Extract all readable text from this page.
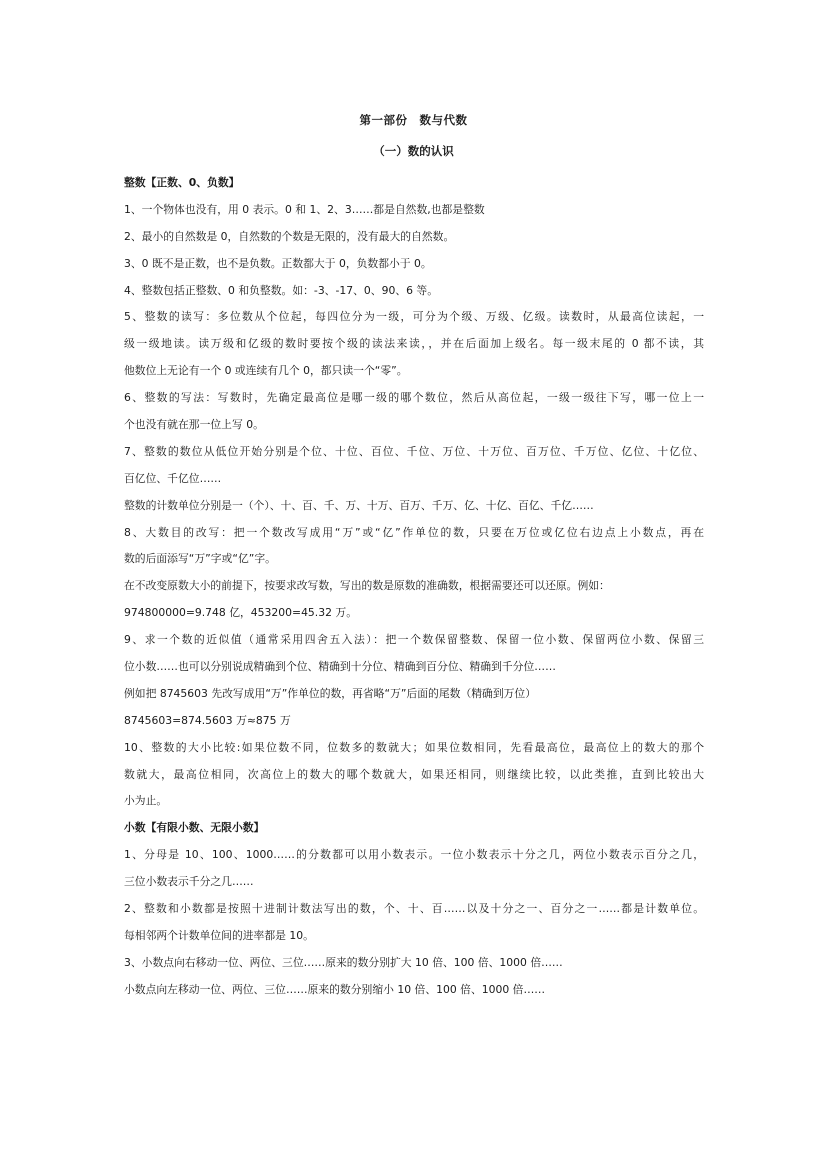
第一部份　数与代数
（一）数的认识
整数【正数、0、负数】
1、一个物体也没有，用 0 表示。0 和 1、2、3……都是自然数,也都是整数
2、最小的自然数是 0，自然数的个数是无限的，没有最大的自然数。
3、0 既不是正数，也不是负数。正数都大于 0，负数都小于 0。
4、整数包括正整数、0 和负整数。如：-3、-17、0、90、6 等。
5、整数的读写：多位数从个位起，每四位分为一级，可分为个级、万级、亿级。读数时，从最高位读起，一
级一级地读。读万级和亿级的数时要按个级的读法来读，，并在后面加上级名。每一级末尾的 0 都不读，其
他数位上无论有一个 0 或连续有几个 0，都只读一个“零”。
6、整数的写法：写数时，先确定最高位是哪一级的哪个数位，然后从高位起，一级一级往下写，哪一位上一
个也没有就在那一位上写 0。
7、整数的数位从低位开始分别是个位、十位、百位、千位、万位、十万位、百万位、千万位、亿位、十亿位、
百亿位、千亿位……
整数的计数单位分别是一（个）、十、百、千、万、十万、百万、千万、亿、十亿、百亿、千亿……
8、大数目的改写：把一个数改写成用“万”或“亿”作单位的数，只要在万位或亿位右边点上小数点，再在
数的后面添写“万”字或“亿”字。
在不改变原数大小的前提下，按要求改写数，写出的数是原数的准确数，根据需要还可以还原。例如：
974800000=9.748 亿，453200=45.32 万。
9、求一个数的近似值（通常采用四舍五入法）：把一个数保留整数、保留一位小数、保留两位小数、保留三
位小数……也可以分别说成精确到个位、精确到十分位、精确到百分位、精确到千分位……
例如把 8745603 先改写成用“万”作单位的数，再省略“万”后面的尾数（精确到万位）
8745603=874.5603 万≈875 万
10、整数的大小比较:如果位数不同，位数多的数就大；如果位数相同，先看最高位，最高位上的数大的那个
数就大，最高位相同，次高位上的数大的哪个数就大，如果还相同，则继续比较，以此类推，直到比较出大
小为止。
小数【有限小数、无限小数】
1、分母是 10、100、1000……的分数都可以用小数表示。一位小数表示十分之几，两位小数表示百分之几，
三位小数表示千分之几……
2、整数和小数都是按照十进制计数法写出的数，个、十、百……以及十分之一、百分之一……都是计数单位。
每相邻两个计数单位间的进率都是 10。
3、小数点向右移动一位、两位、三位……原来的数分别扩大 10 倍、100 倍、1000 倍……
小数点向左移动一位、两位、三位……原来的数分别缩小 10 倍、100 倍、1000 倍……
